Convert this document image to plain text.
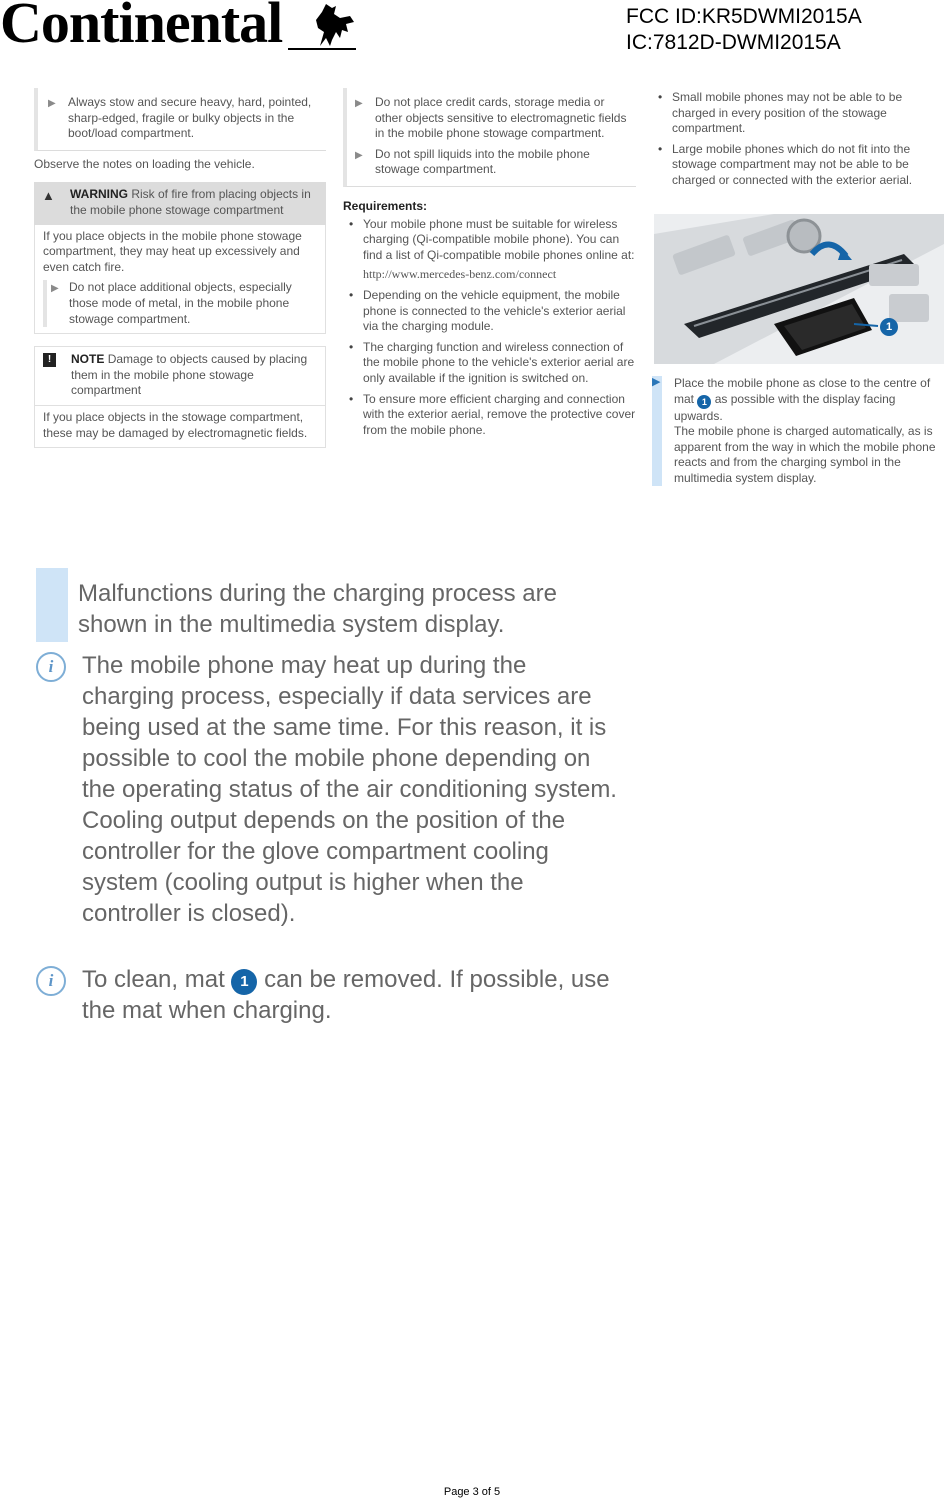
Continental	FCC ID:KR5DWMI2015A
IC:7812D-DWMI2015A
▶ Always stow and secure heavy, hard, pointed, sharp-edged, fragile or bulky objects in the boot/load compartment.
Observe the notes on loading the vehicle.
▲ WARNING Risk of fire from placing objects in the mobile phone stowage compartment
If you place objects in the mobile phone stowage compartment, they may heat up excessively and even catch fire.
▶ Do not place additional objects, especially those mode of metal, in the mobile phone stowage compartment.
!	NOTE Damage to objects caused by placing them in the mobile phone stowage compartment
If you place objects in the stowage compartment, these may be damaged by electromagnetic fields.
▶ Do not place credit cards, storage media or other objects sensitive to electromagnetic fields in the mobile phone stowage compartment.
▶ Do not spill liquids into the mobile phone stowage compartment.
Requirements:
• Your mobile phone must be suitable for wireless charging (Qi-compatible mobile phone). You can find a list of Qi-compatible mobile phones online at:
http://www.mercedes-benz.com/connect
• Depending on the vehicle equipment, the mobile phone is connected to the vehicle's exterior aerial via the charging module.
• The charging function and wireless connection of the mobile phone to the vehicle's exterior aerial are only available if the ignition is switched on.
• To ensure more efficient charging and connection with the exterior aerial, remove the protective cover from the mobile phone.
• Small mobile phones may not be able to be charged in every position of the stowage compartment.
• Large mobile phones which do not fit into the stowage compartment may not be able to be charged or connected with the exterior aerial.
1
▶ Place the mobile phone as close to the centre of mat 1 as possible with the display facing upwards.
The mobile phone is charged automatically, as is apparent from the way in which the mobile phone reacts and from the charging symbol in the multimedia system display.
Malfunctions during the charging process are shown in the multimedia system display.
i	The mobile phone may heat up during the charging process, especially if data services are being used at the same time. For this reason, it is possible to cool the mobile phone depending on the operating status of the air conditioning system. Cooling output depends on the position of the controller for the glove compartment cooling system (cooling output is higher when the controller is closed).
i	To clean, mat 1 can be removed. If possible, use the mat when charging.
Page 3 of 5
